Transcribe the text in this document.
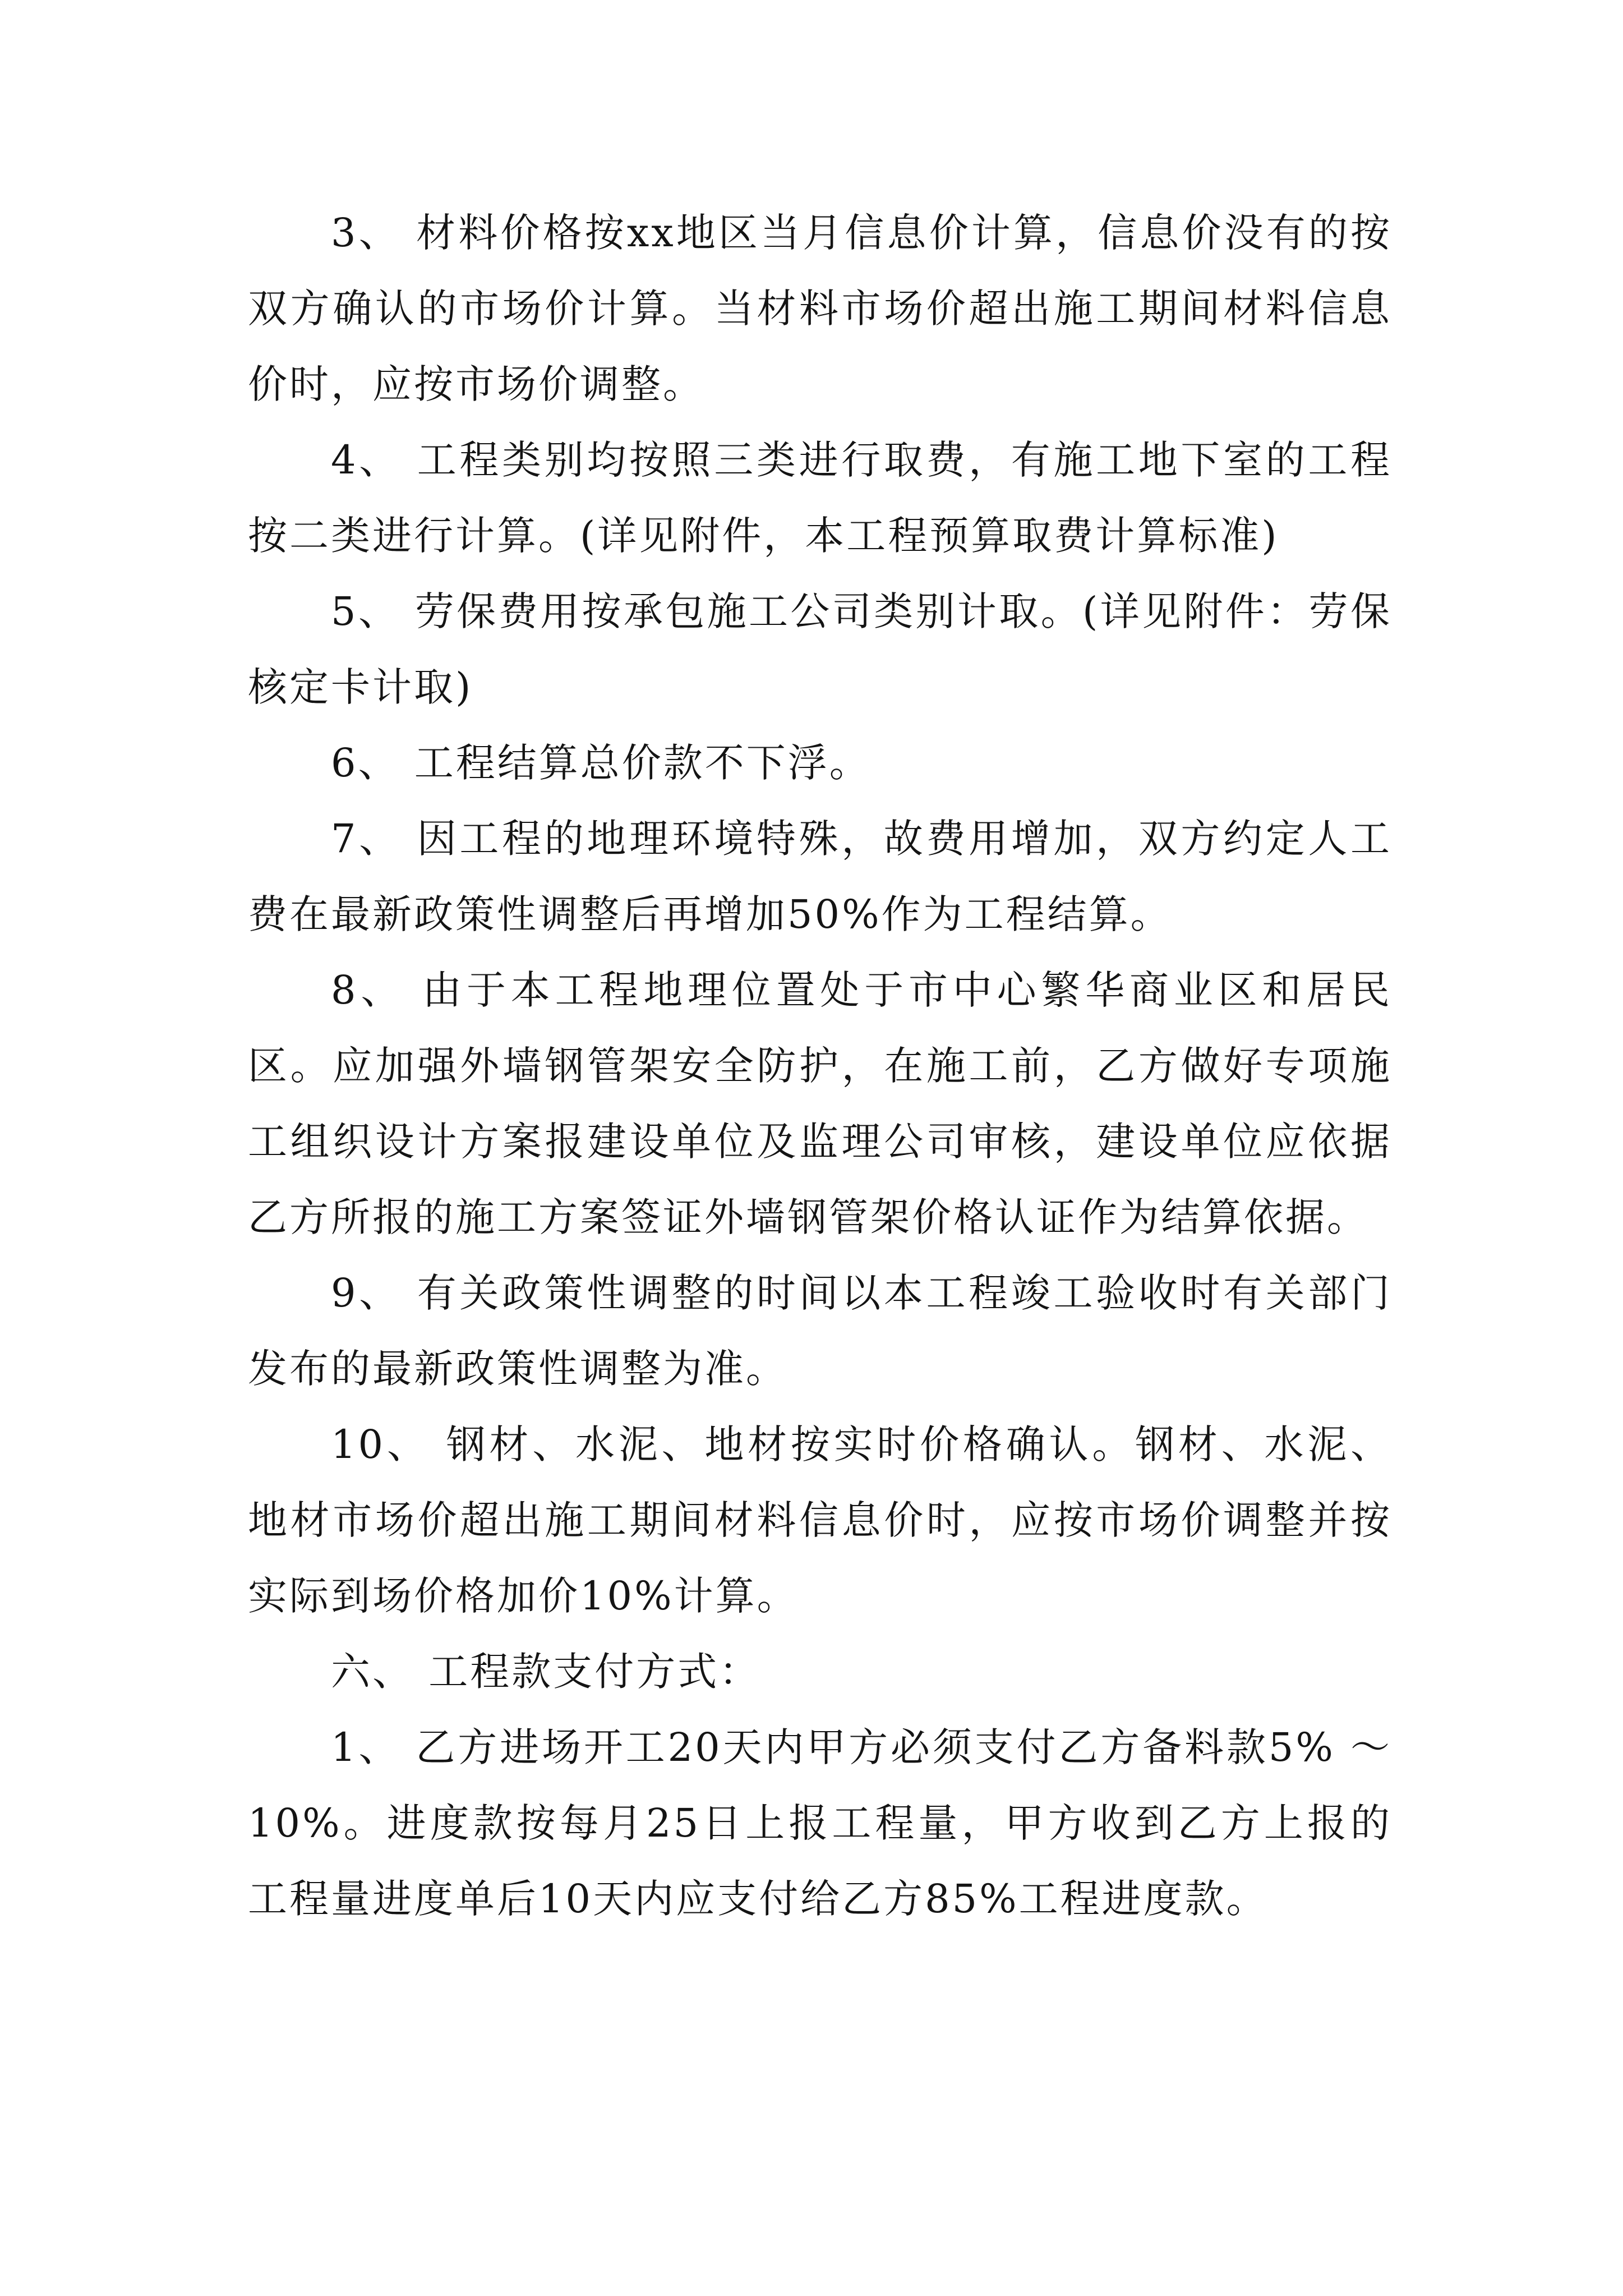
3、 材料价格按xx地区当月信息价计算，信息价没有的按双方确认的市场价计算。当材料市场价超出施工期间材料信息价时，应按市场价调整。

4、 工程类别均按照三类进行取费，有施工地下室的工程按二类进行计算。(详见附件，本工程预算取费计算标准)

5、 劳保费用按承包施工公司类别计取。(详见附件：劳保核定卡计取)

6、 工程结算总价款不下浮。

7、 因工程的地理环境特殊，故费用增加，双方约定人工费在最新政策性调整后再增加50%作为工程结算。

8、 由于本工程地理位置处于市中心繁华商业区和居民区。应加强外墙钢管架安全防护，在施工前，乙方做好专项施工组织设计方案报建设单位及监理公司审核，建设单位应依据乙方所报的施工方案签证外墙钢管架价格认证作为结算依据。

9、 有关政策性调整的时间以本工程竣工验收时有关部门发布的最新政策性调整为准。

10、 钢材、水泥、地材按实时价格确认。钢材、水泥、地材市场价超出施工期间材料信息价时，应按市场价调整并按实际到场价格加价10%计算。

六、 工程款支付方式：

1、 乙方进场开工20天内甲方必须支付乙方备料款5% ～10%。进度款按每月25日上报工程量，甲方收到乙方上报的工程量进度单后10天内应支付给乙方85%工程进度款。
